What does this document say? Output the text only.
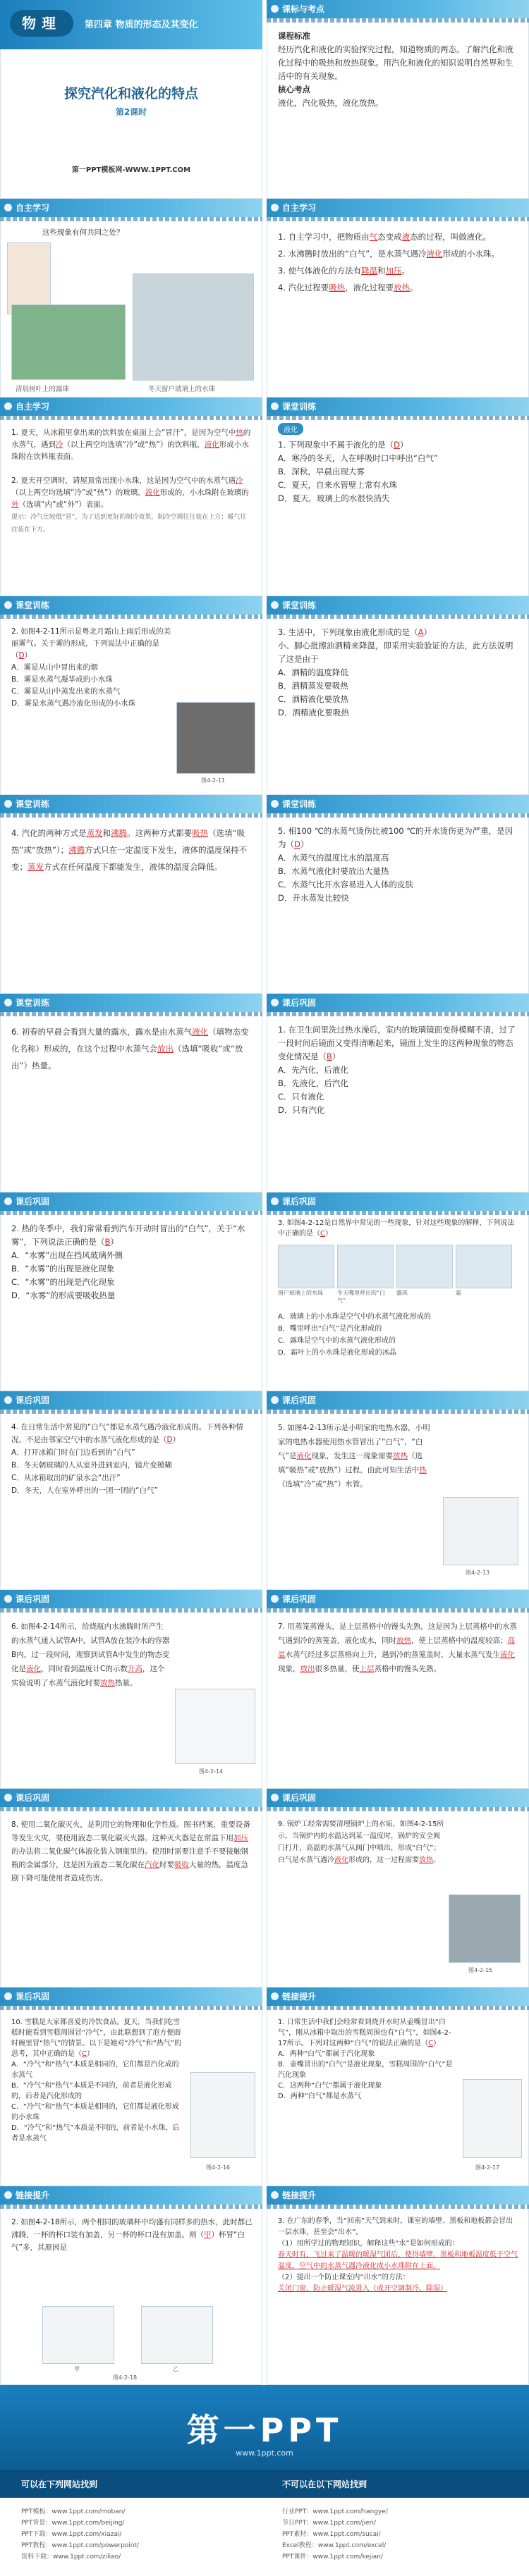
物理	第四章 物质的形态及其变化
探究汽化和液化的特点
第2课时
第一PPT模板网-WWW.1PPT.COM
课标与考点
课程标准
经历汽化和液化的实验探究过程，知道物质的两态。了解汽化和液化过程中的吸热和放热现象。用汽化和液化的知识说明自然界和生活中的有关现象。
核心考点
液化，汽化吸热，液化放热。
自主学习
这些现象有何共同之处？
清晨树叶上的露珠	冬天窗户玻璃上的水珠
自主学习
1. 自主学习中，把物质由气态变成液态的过程，叫做液化。
2. 水沸腾时放出的“白气”，是水蒸气遇冷液化形成的小水珠。
3. 使气体液化的方法有降温和加压。
4. 汽化过程要吸热，液化过程要放热。
自主学习
1. 夏天，从冰箱里拿出来的饮料放在桌面上会“冒汗”，是因为空气中热的水蒸气，遇到冷（以上两空均选填“冷”或“热”）的饮料瓶，液化形成小水珠附在饮料瓶表面。

2. 夏天开空调时，请屋顶常出现小水珠，这是因为空气中的水蒸气遇冷（以上两空均选填“冷”或“热”）的玻璃，液化形成的，小水珠附在玻璃的外（选填“内”或“外”）表面。
提示：冷气比较低“冒”，为了达到更好的制冷效果，制冷空调往往装在上方；暖气往往装在下方。
课堂训练
液化
1. 下列现象中不属于液化的是（D）
A．寒冷的冬天，人在呼吸时口中呼出“白气”
B．深秋，早晨出现大雾
C．夏天，自来水管壁上常有水珠
D．夏天，玻璃上的水很快消失
课堂训练
2. 如图4-2-11所示是粤北月霜山上雨后形成的美丽雾气。关于雾的形成，下列说法中正确的是（D）
A．雾是从山中冒出来的烟
B．雾是水蒸气凝华成的小水珠
C．雾是从山中蒸发出来的水蒸气
D．雾是水蒸气遇冷液化形成的小水珠
图4-2-11
课堂训练
3. 生活中，下列现象由液化形成的是（A）
小、脚心批擦油酒精来降温，即采用实验验证的方法，此方法说明了这是由于
A．酒精的温度降低
B．酒精蒸发要吸热
C．酒精液化要放热
D．酒精液化要吸热
课堂训练
4. 汽化的两种方式是蒸发和沸腾。这两种方式都要吸热（选填“吸热”或“放热”）；沸腾方式只在一定温度下发生，液体的温度保持不变；蒸发方式在任何温度下都能发生，液体的温度会降低。
课堂训练
5. 相100 ℃的水蒸气烫伤比被100 ℃的开水烫伤更为严重，是因为（D）
A．水蒸气的温度比水的温度高
B．水蒸气液化时要放出大量热
C．水蒸气比开水容易进入人体的皮肤
D．开水蒸发比较快
课堂训练
6. 初春的早晨会看到大量的露水，露水是由水蒸气液化（填物态变化名称）形成的，在这个过程中水蒸气会放出（选填“吸收”或“放出”）热量。
课后巩固
1. 在卫生间里洗过热水澡后，室内的玻璃镜面变得模糊不清，过了一段时间后镜面又变得清晰起来，镜面上发生的这两种现象的物态变化情况是（B）
A．先汽化，后液化
B．先液化，后汽化
C．只有液化
D．只有汽化
课后巩固
2. 热的冬季中，我们常常看到汽车开动时冒出的“白气”，关于“水雾”，下列说法正确的是（B）
A．“水雾”出现在挡风玻璃外侧
B．“水雾”的出现是液化现象
C．“水雾”的出现是汽化现象
D．“水雾”的形成要吸收热量
课后巩固
3. 如图4-2-12是自然界中常见的一些现象，针对这些现象的解释，下列说法中正确的是（C）
窗户玻璃上的水珠	冬天嘴里呼出的“白气”
露珠	霜
A．玻璃上的小水珠是空气中的水蒸气液化形成的
B．嘴里呼出“白气”是汽化形成的
C．露珠是空气中的水蒸气液化形成的
D．霜叶上的小水珠是液化形成的冰晶
课后巩固
4. 在日常生活中常见的“白气”都是水蒸气遇冷液化形成的。下列各种情况，不是由邻家空气中的水蒸气液化形成的是（D）
A．打开冰箱门时在门边看到的“白气”
B．冬天朝玻璃的人从室外进到室内，镜片变模糊
C．从冰箱取出的矿泉水会“出汗”
D．冬天，人在室外呼出的一团一团的“白气”
课后巩固
5. 如图4-2-13所示是小明家的电热水器，小明家的电热水器使用热水管冒出了“白气”，“白气”是液化现象，发生这一现象需要放热（选填“吸热”或“放热”）过程，由此可知生活中热（选填“冷”或“热”）水管。
图4-2-13
课后巩固
6. 如图4-2-14所示，给烧瓶内水沸腾时所产生的水蒸气通入试管A中，试管A放在装冷水的容器B内，过一段时间，观察到试管A中发生的物态变化是液化，同时看到温度计C的示数升高，这个实验说明了水蒸气液化时要放热热量。
图4-2-14
课后巩固
7. 用蒸笼蒸馒头，是上层蒸格中的馒头先熟，这是因为上层蒸格中的水蒸气遇到冷的蒸笼盖，液化成水，同时放热，使上层蒸格中的温度较高；高温水蒸气经过多层蒸格向上升，遇到冷的蒸笼盖时，大量水蒸气发生液化现象，放出很多热量，使上层蒸格中的馒头先熟。
课后巩固
8. 使用二氧化碳灭火，是利用它的物理和化学性质。图书档案，重要设备等发生火灾，要使用液态二氧化碳灭火器。这种灭火器是在常温下用加压的办法将二氧化碳气体液化装入钢瓶里的。使用时需要注意手不要接触钢瓶的金属部分，这是因为液态二氧化碳在汽化时要吸收大量的热，温度急剧下降可能使用者造成伤害。
课后巩固
9. 锅炉工经常需要清理锅炉上的水垢，如图4-2-15所示，当锅炉内的水温达到某一温度时，锅炉的安全阀门打开，高温的水蒸气从阀门中喷出，形成“白气”；白气是水蒸气遇冷液化形成的，这一过程需要放热。
图4-2-15
课后巩固
10. 雪糕是大家都喜爱的冷饮食品。夏天，当我们吃雪糕时能看到雪糕周围冒“冷气”，由此联想到了泡方便面时碗里冒“热气”的情景。以下是她对“冷气”和“热气”的思考，其中正确的是（C）
A．“冷气”和“热气”本质是相同的，它们都是汽化成的水蒸气
B．“冷气”和“热气”本质是不同的，前者是液化形成的，后者是汽化形成的
C．“冷气”和“热气”本质是相同的，它们都是液化形成的小水珠
D．“冷气”和“热气”本质是不同的，前者是小水珠，后者是水蒸气
图4-2-16
链接提升
1. 日常生活中我们会经常看到烧开水时从壶嘴冒出“白气”，刚从冰箱中取出的雪糕周围也有“白气”，如图4-2-17所示。下列对这两种“白气”的说法正确的是（C）
A．两种“白气”都属于汽化现象
B．壶嘴冒出的“白气”是液化现象，雪糕周围的“白气”是汽化现象
C．这两种“白气”都属于液化现象
D．两种“白气”都是水蒸气
图4-2-17
链接提升
2. 如图4-2-18所示，两个相同的玻璃杯中均盛有同样多的热水，此时都已沸腾，一杯的杯口装有加盖，另一杯的杯口没有加盖。则（甲）杯冒“白气”多，其原因是
甲	乙
图4-2-18
链接提升
3. 在广东的春季，当“回南”天气到来时，课室的墙壁、黑板和地板都会冒出一层水珠，甚至会“出水”。
（1）用所学过的物理知识，解释这些“水”是如何形成的：
春天时有，飞过来了温暖的暖湿气团后，使得墙壁、黑板和地板温度低于空气温度，空气中的水蒸气遇冷液化成小水珠附在上面。
（2）提出一个防止课室内“出水”的方法：
关闭门窗，防止暖湿气流进入（或开空调制冷、除湿）
第一PPT
www.1ppt.com
可以在下列网站找到	不可以在以下网站找到
PPT模板：www.1ppt.com/moban/
PPT背景：www.1ppt.com/beijing/
PPT下载：www.1ppt.com/xiazai/
PPT教程：www.1ppt.com/powerpoint/
资料下载：www.1ppt.com/ziliao/
行业PPT：www.1ppt.com/hangye/
节日PPT：www.1ppt.com/jieri/
PPT素材：www.1ppt.com/sucai/
Excel教程：www.1ppt.com/excel/
PPT课件：www.1ppt.com/kejian/
